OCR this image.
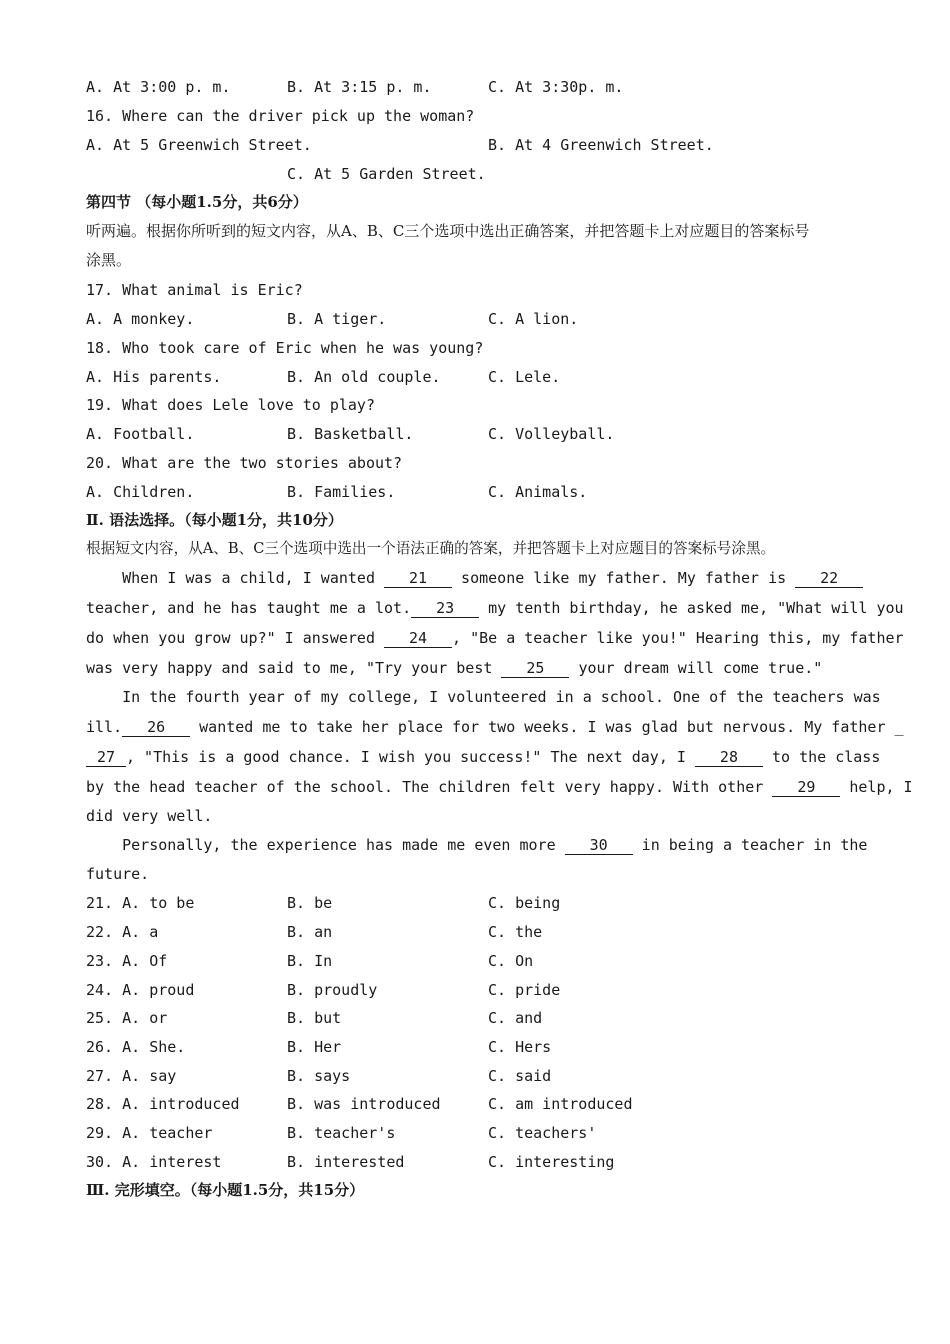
A. At 3:00 p. m.	B. At 3:15 p. m.	C. At 3:30p. m.
16. Where can the driver pick up the woman?
A. At 5 Greenwich Street.	B. At 4 Greenwich Street.
C. At 5 Garden Street.
第四节 （每小题1.5分，共6分）
听两遍。根据你所听到的短文内容，从A、B、C三个选项中选出正确答案，并把答题卡上对应题目的答案标号
涂黑。
17. What animal is Eric?
A. A monkey.	B. A tiger.	C. A lion.
18. Who took care of Eric when he was young?
A. His parents.	B. An old couple.	C. Lele.
19. What does Lele love to play?
A. Football.	B. Basketball.	C. Volleyball.
20. What are the two stories about?
A. Children.	B. Families.	C. Animals.
Ⅱ. 语法选择。（每小题1分，共10分）
根据短文内容，从A、B、C三个选项中选出一个语法正确的答案，并把答题卡上对应题目的答案标号涂黑。
When I was a child, I wanted 21 someone like my father. My father is 22
teacher, and he has taught me a lot. 23 my tenth birthday, he asked me, "What will you
do when you grow up?" I answered 24 , "Be a teacher like you!" Hearing this, my father
was very happy and said to me, "Try your best 25 your dream will come true."
In the fourth year of my college, I volunteered in a school. One of the teachers was
ill. 26 wanted me to take her place for two weeks. I was glad but nervous. My father _
27 , "This is a good chance. I wish you success!" The next day, I 28 to the class
by the head teacher of the school. The children felt very happy. With other 29 help, I
did very well.
Personally, the experience has made me even more 30 in being a teacher in the
future.
21. A. to be	B. be	C. being
22. A. a	B. an	C. the
23. A. Of	B. In	C. On
24. A. proud	B. proudly	C. pride
25. A. or	B. but	C. and
26. A. She.	B. Her	C. Hers
27. A. say	B. says	C. said
28. A. introduced	B. was introduced	C. am introduced
29. A. teacher	B. teacher's	C. teachers'
30. A. interest	B. interested	C. interesting
Ⅲ. 完形填空。（每小题1.5分，共15分）
